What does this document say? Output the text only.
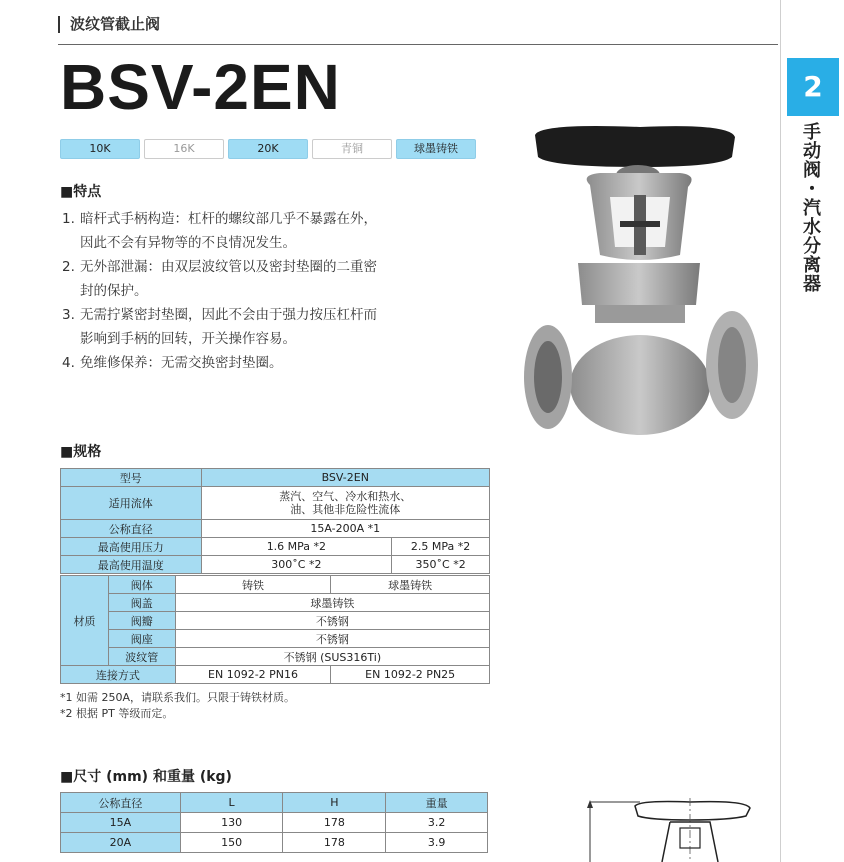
2
手动阀・汽水分离器
波纹管截止阀
BSV-2EN
10K	16K	20K	青铜	球墨铸铁
■特点
1. 暗杆式手柄构造：杠杆的螺纹部几乎不暴露在外，
因此不会有异物等的不良情况发生。
2. 无外部泄漏：由双层波纹管以及密封垫圈的二重密
封的保护。
3. 无需拧紧密封垫圈，因此不会由于强力按压杠杆而
影响到手柄的回转，开关操作容易。
4. 免维修保养：无需交换密封垫圈。
■规格
型号	BSV-2EN	
适用流体	蒸汽、空气、冷水和热水、
油、其他非危险性流体	
公称直径	15A-200A *1	
最高使用压力	1.6 MPa *2	2.5 MPa *2
最高使用温度	300˚C *2	350˚C *2
材质	阀体	铸铁	球墨铸铁
	阀盖	球墨铸铁	
	阀瓣	不锈钢	
	阀座	不锈钢	
	波纹管	不锈钢 (SUS316Ti)	
连接方式		EN 1092-2 PN16	EN 1092-2 PN25
*1 如需 250A，请联系我们。只限于铸铁材质。
*2 根据 PT 等级而定。
■尺寸 (mm) 和重量 (kg)
公称直径	L	H	重量
15A	130	178	3.2
20A	150	178	3.9
